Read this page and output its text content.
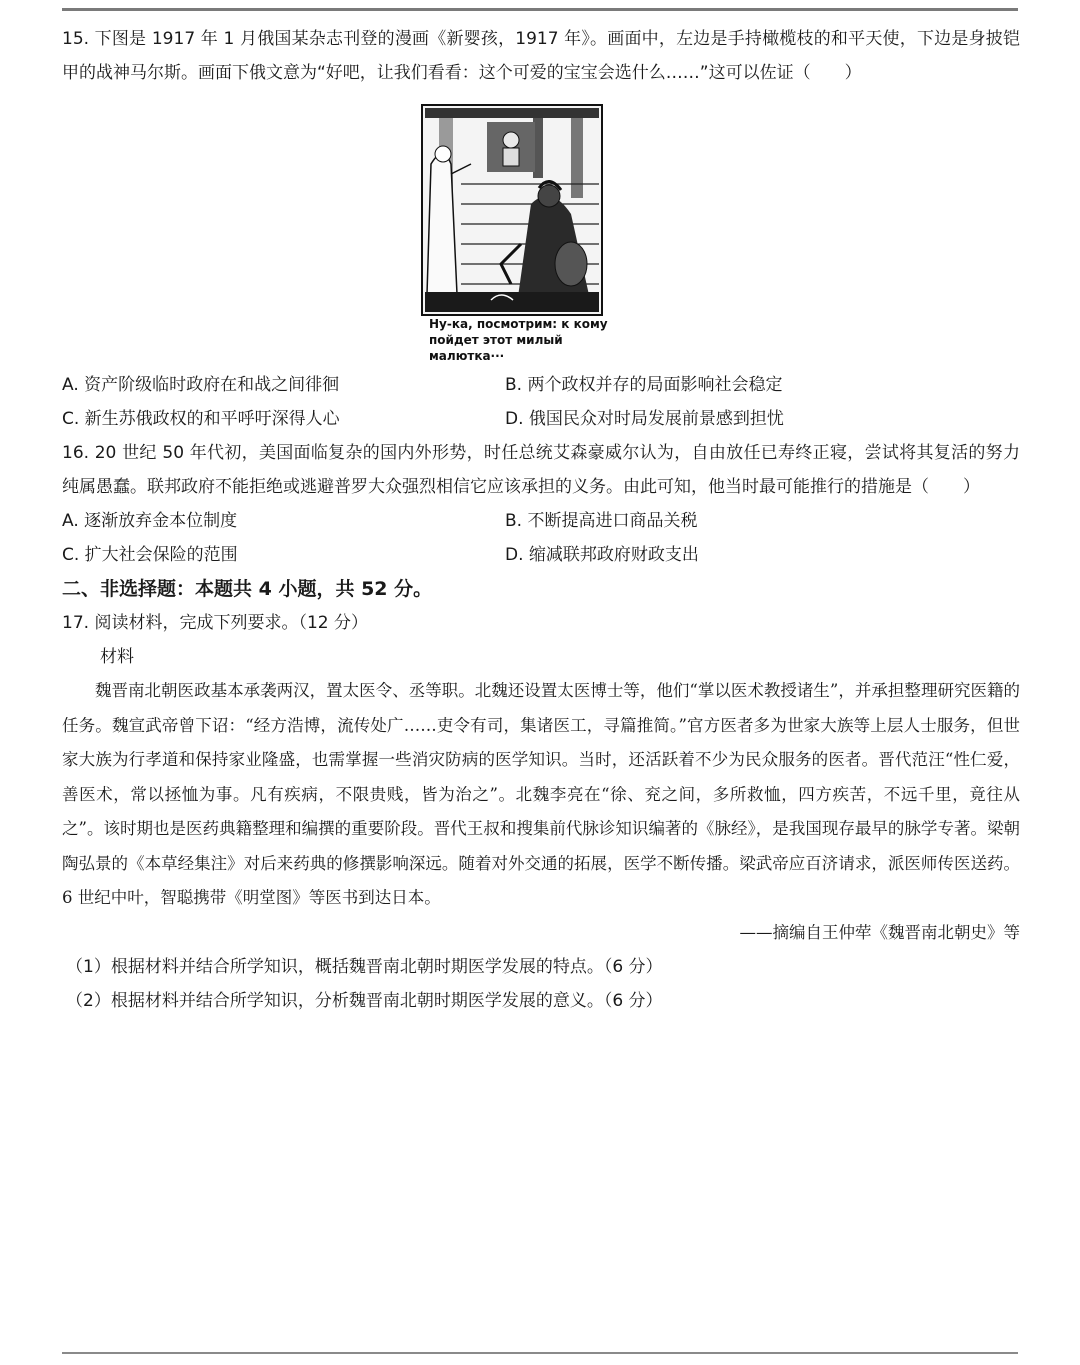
15. 下图是 1917 年 1 月俄国某杂志刊登的漫画《新婴孩，1917 年》。画面中，左边是手持橄榄枝的和平天使，下边是身披铠甲的战神马尔斯。画面下俄文意为“好吧，让我们看看：这个可爱的宝宝会选什么……”这可以佐证（　　）

Ну-ка, посмотрим: к кому
пойдет этот милый малютка···
A. 资产阶级临时政府在和战之间徘徊	B. 两个政权并存的局面影响社会稳定
C. 新生苏俄政权的和平呼吁深得人心	D. 俄国民众对时局发展前景感到担忧

16. 20 世纪 50 年代初，美国面临复杂的国内外形势，时任总统艾森豪威尔认为，自由放任已寿终正寝，尝试将其复活的努力纯属愚蠢。联邦政府不能拒绝或逃避普罗大众强烈相信它应该承担的义务。由此可知，他当时最可能推行的措施是（　　）

A. 逐渐放弃金本位制度	B. 不断提高进口商品关税
C. 扩大社会保险的范围	D. 缩减联邦政府财政支出

二、非选择题：本题共 4 小题，共 52 分。

17. 阅读材料，完成下列要求。（12 分）

材料

魏晋南北朝医政基本承袭两汉，置太医令、丞等职。北魏还设置太医博士等，他们“掌以医术教授诸生”，并承担整理研究医籍的任务。魏宣武帝曾下诏：“经方浩博，流传处广……吏令有司，集诸医工，寻篇推简。”官方医者多为世家大族等上层人士服务，但世家大族为行孝道和保持家业隆盛，也需掌握一些消灾防病的医学知识。当时，还活跃着不少为民众服务的医者。晋代范汪“性仁爱，善医术，常以拯恤为事。凡有疾病，不限贵贱，皆为治之”。北魏李亮在“徐、兖之间，多所救恤，四方疾苦，不远千里，竟往从之”。该时期也是医药典籍整理和编撰的重要阶段。晋代王叔和搜集前代脉诊知识编著的《脉经》，是我国现存最早的脉学专著。梁朝陶弘景的《本草经集注》对后来药典的修撰影响深远。随着对外交通的拓展，医学不断传播。梁武帝应百济请求，派医师传医送药。6 世纪中叶，智聪携带《明堂图》等医书到达日本。

——摘编自王仲荦《魏晋南北朝史》等
（1）根据材料并结合所学知识，概括魏晋南北朝时期医学发展的特点。（6 分）
（2）根据材料并结合所学知识，分析魏晋南北朝时期医学发展的意义。（6 分）
